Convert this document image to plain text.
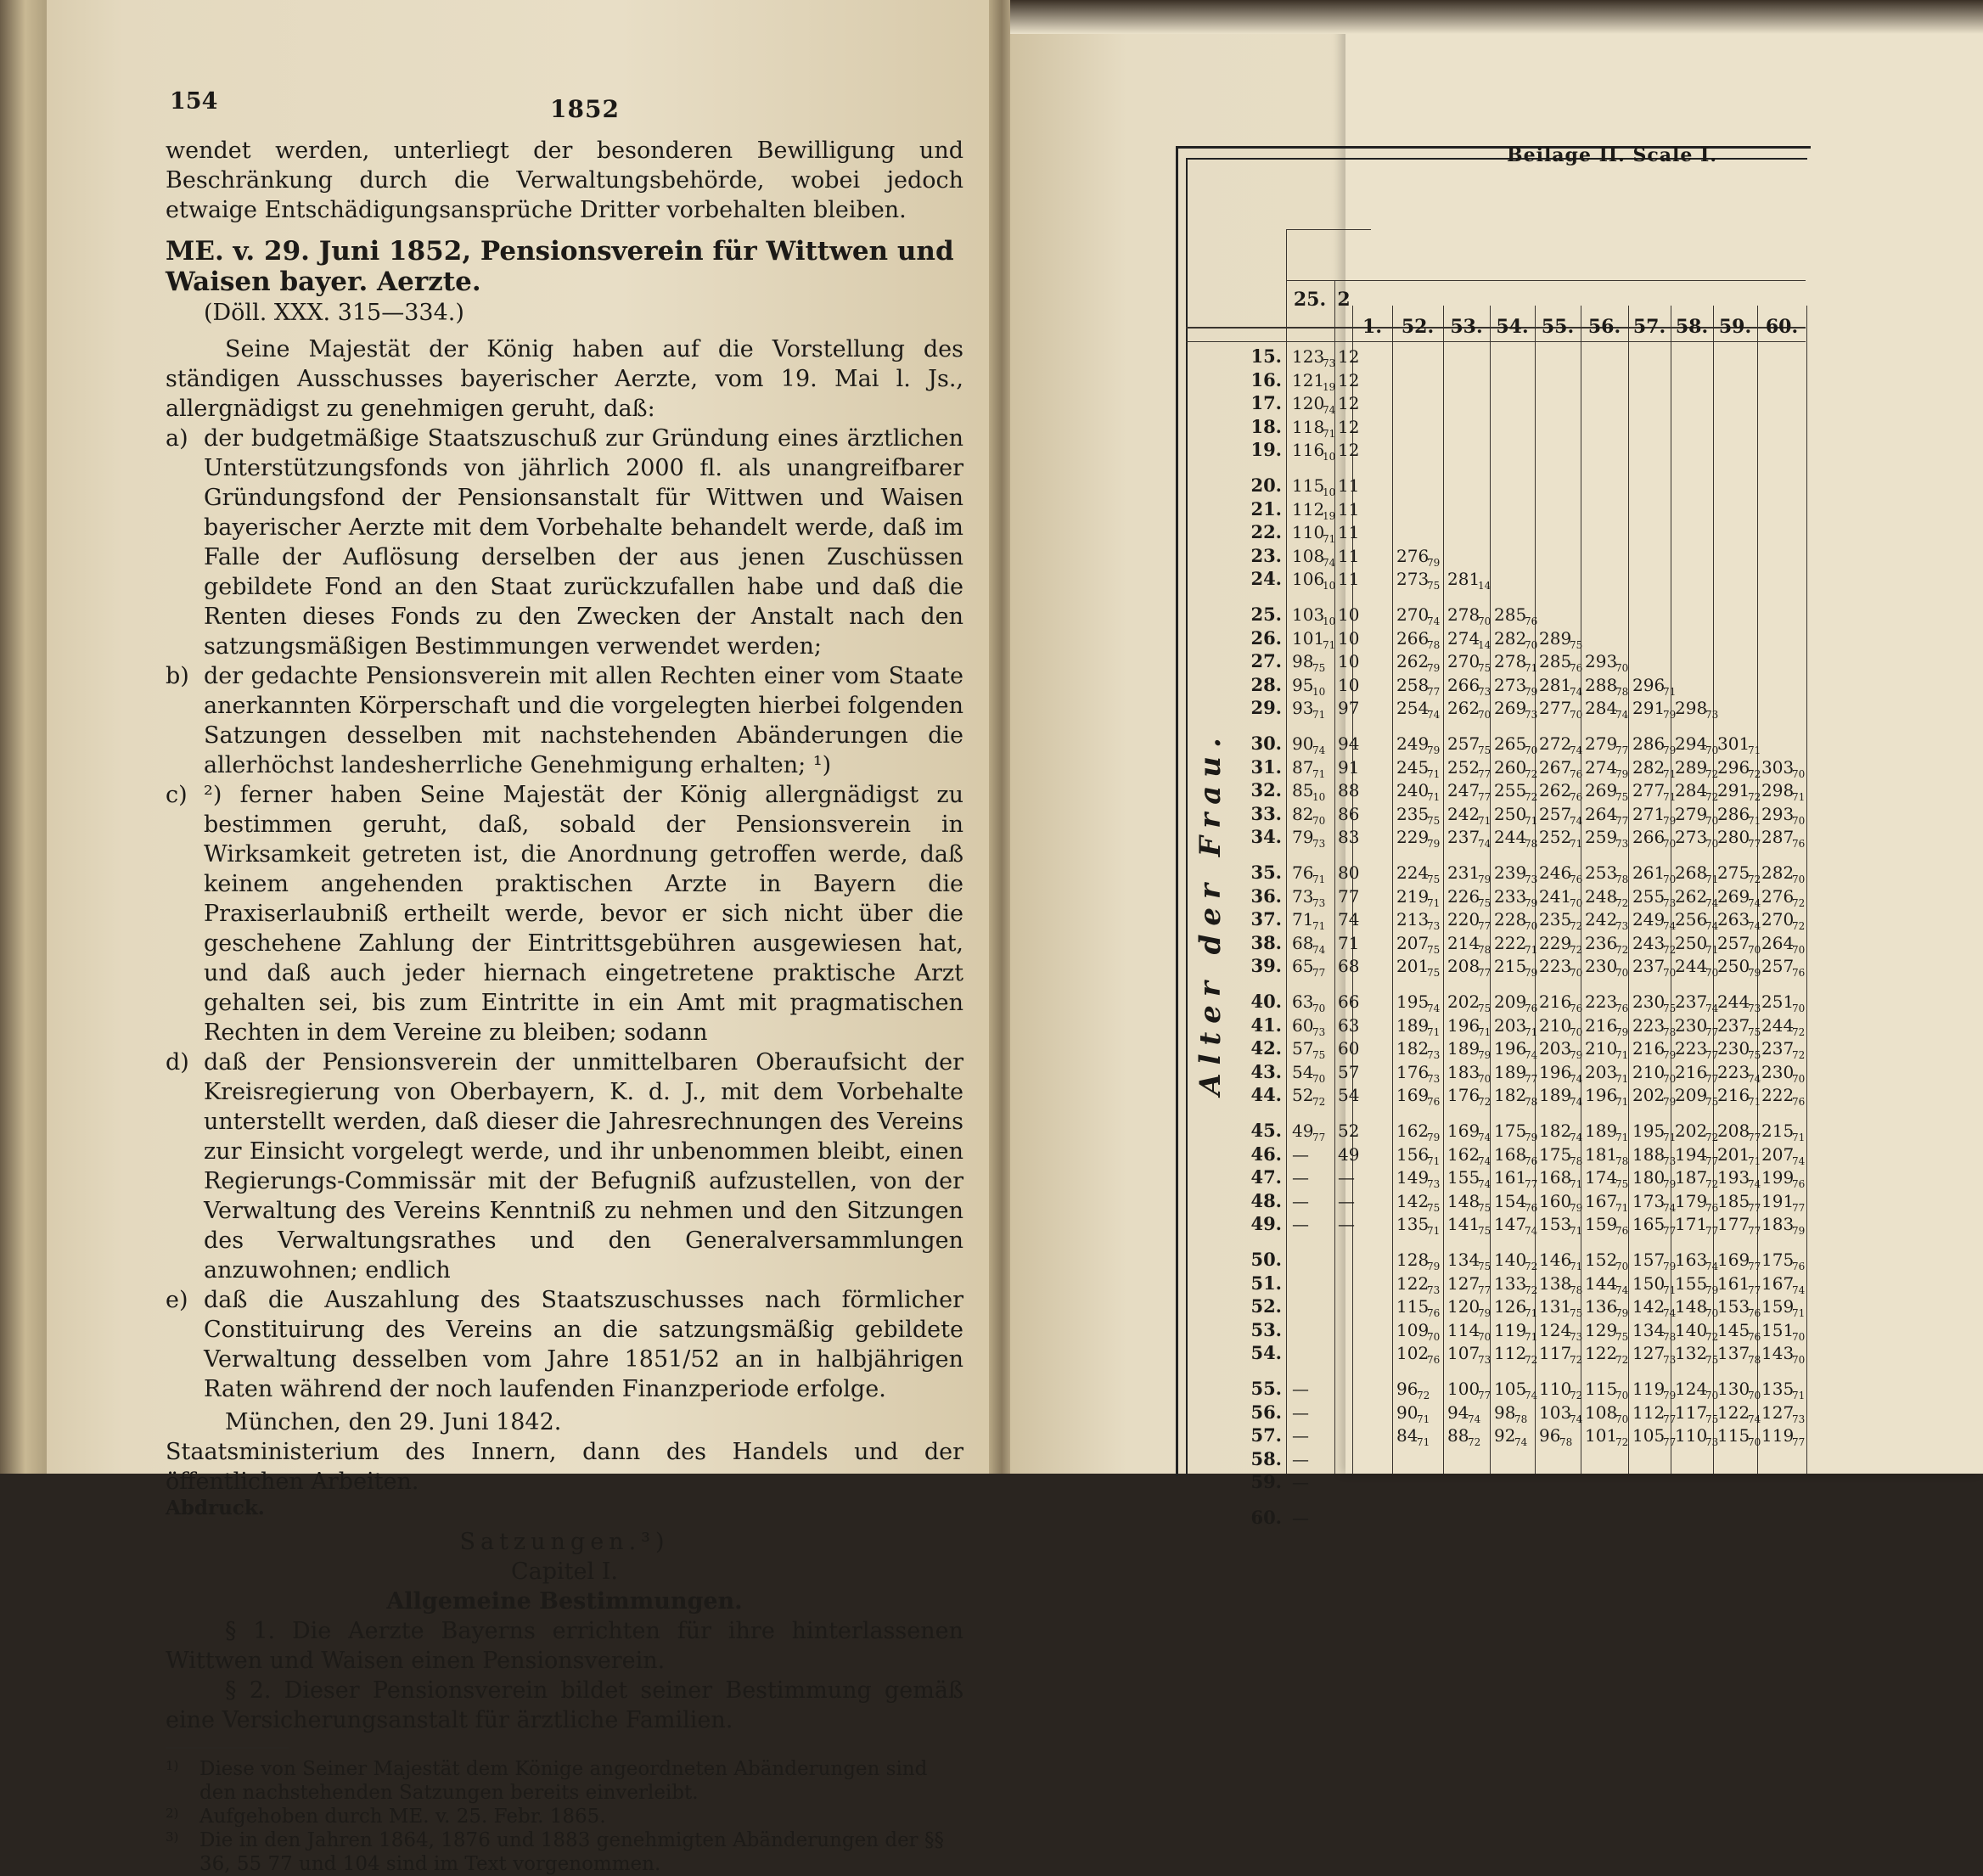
154	1852

wendet werden, unterliegt der besonderen Bewilligung und Beschränkung durch die Verwaltungsbehörde, wobei jedoch etwaige Entschädigungsansprüche Dritter vorbehalten bleiben.

ME. v. 29. Juni 1852, Pensionsverein für Wittwen und Waisen bayer. Aerzte.
(Döll. XXX. 315—334.)

Seine Majestät der König haben auf die Vorstellung des ständigen Ausschusses bayerischer Aerzte, vom 19. Mai l. Js., allergnädigst zu genehmigen geruht, daß:

a) der budgetmäßige Staatszuschuß zur Gründung eines ärztlichen Unterstützungsfonds von jährlich 2000 fl. als unangreifbarer Gründungsfond der Pensionsanstalt für Wittwen und Waisen bayerischer Aerzte mit dem Vorbehalte behandelt werde, daß im Falle der Auflösung derselben der aus jenen Zuschüssen gebildete Fond an den Staat zurückzufallen habe und daß die Renten dieses Fonds zu den Zwecken der Anstalt nach den satzungsmäßigen Bestimmungen verwendet werden;
b) der gedachte Pensionsverein mit allen Rechten einer vom Staate anerkannten Körperschaft und die vorgelegten hierbei folgenden Satzungen desselben mit nachstehenden Abänderungen die allerhöchst landesherrliche Genehmigung erhalten; ¹)
c) ²) ferner haben Seine Majestät der König allergnädigst zu bestimmen geruht, daß, sobald der Pensionsverein in Wirksamkeit getreten ist, die Anordnung getroffen werde, daß keinem angehenden praktischen Arzte in Bayern die Praxiserlaubniß ertheilt werde, bevor er sich nicht über die geschehene Zahlung der Eintrittsgebühren ausgewiesen hat, und daß auch jeder hiernach eingetretene praktische Arzt gehalten sei, bis zum Eintritte in ein Amt mit pragmatischen Rechten in dem Vereine zu bleiben; sodann
d) daß der Pensionsverein der unmittelbaren Oberaufsicht der Kreisregierung von Oberbayern, K. d. J., mit dem Vorbehalte unterstellt werden, daß dieser die Jahresrechnungen des Vereins zur Einsicht vorgelegt werde, und ihr unbenommen bleibt, einen Regierungs-Commissär mit der Befugniß aufzustellen, von der Verwaltung des Vereins Kenntniß zu nehmen und den Sitzungen des Verwaltungsrathes und den Generalversammlungen anzuwohnen; endlich
e) daß die Auszahlung des Staatszuschusses nach förmlicher Constituirung des Vereins an die satzungsmäßig gebildete Verwaltung desselben vom Jahre 1851/52 an in halbjährigen Raten während der noch laufenden Finanzperiode erfolge.

München, den 29. Juni 1842.

Staatsministerium des Innern, dann des Handels und der öffentlichen Arbeiten.

Abdruck.

Satzungen.³)

Capitel I.

Allgemeine Bestimmungen.

§ 1. Die Aerzte Bayerns errichten für ihre hinterlassenen Wittwen und Waisen einen Pensionsverein.

§ 2. Dieser Pensionsverein bildet seiner Bestimmung gemäß eine Versicherungsanstalt für ärztliche Familien.

1) Diese von Seiner Majestät dem Könige angeordneten Abänderungen sind den nachstehenden Satzungen bereits einverleibt.
2) Aufgehoben durch ME. v. 25. Febr. 1865.
3) Die in den Jahren 1864, 1876 und 1883 genehmigten Abänderungen der §§ 36, 55 77 und 104 sind im Text vorgenommen.
Beilage II. Scale I.
Alter der Frau.
25. 2
1.	52. 53. 54. 55. 56. 57. 58. 59. 60.
15. 123
73 12
16. 121
19 12
17. 120
74 12
18. 118
71 12
19. 116
10 12
20. 115
10 11
21. 112
19 11
22. 110
71 11
23. 108
74 11
24. 106
10 11
25. 103
10 10
26. 101
71 10
27. 98
75 10
28. 95
10 10
29. 93
71 97
30. 90
74 94
31. 87
71 91
32. 85
10 88
33. 82
70 86
34. 79
73 83
35. 76
71 80
36. 73
73 77
37. 71
71 74
38. 68
74 71
39. 65
77 68
40. 63
70 66
41. 60
73 63
42. 57
75 60
43. 54
70 57
44. 52
72 54
45. 49
77 52
46. — 49
47. — —
48. — —
49. — —
50.
51.
52.
53.
54.
55. —
56. —
57. —
58. —
59. —
60. —
276
79
273
75 281
14
270
74 278
70 285
76
266
78 274
14 282
70 289
75
262
79 270
75 278
71 285
76 293
70
258
77 266
73 273
79 281
74 288
78 296
71
254
74 262
70 269
73 277
70 284
74 291
79
298
73
249
79 257
75 265
70 272
74 279
77 286
79
294
70
301
71
245
71 252
77 260
72 267
76 274
79 282
71
289
72
296
72 303
70
240
71 247
77 255
72 262
76 269
75 277
71
284
72
291
72 298
71
235
75 242
71 250
71 257
74 264
77 271
79
279
70
286
71 293
70
229
79 237
74 244
78 252
71 259
73 266
70
273
70
280
77 287
76
224
75 231
79 239
73 246
76 253
78 261
70
268
71
275
72 282
70
219
71 226
75 233
79 241
70 248
72 255
73
262
74
269
74 276
72
213
73 220
77 228
70 235
72 242
73 249
74
256
74
263
74 270
72
207
75 214
78 222
71 229
72 236
72 243
72
250
71
257
70 264
70
201
75 208
77 215
79 223
70 230
70 237
70
244
70
250
79 257
76
195
74 202
75 209
76 216
76 223
76 230
75
237
74
244
73 251
70
189
71 196
71 203
71 210
70 216
79 223
78
230
77
237
75 244
72
182
73 189
79 196
74 203
79 210
71 216
79
223
77
230
75 237
72
176
73 183
70 189
77 196
74 203
71 210
70
216
77
223
74 230
70
169
76 176
72 182
78 189
74 196
71 202
79
209
75
216
71 222
76
162
79 169
74 175
79 182
74 189
71 195
71
202
72
208
77 215
71
156
71 162
74 168
76 175
78 181
78 188
73
194
77
201
71 207
74
149
73 155
74 161
77 168
71 174
75 180
79
187
72
193
74 199
76
142
75 148
75 154
76 160
79 167
71 173
74
179
76
185
77 191
77
135
71 141
75 147
74 153
71 159
76 165
77
171
77
177
77 183
79
128
79 134
75 140
72 146
71 152
70 157
79
163
74
169
77 175
76
122
73 127
77 133
72 138
78 144
74 150
71
155
79
161
77 167
74
115
76 120
79 126
71 131
75 136
79 142
74
148
70
153
76 159
71
109
70 114
70 119
71 124
73 129
75 134
78
140
72
145
76 151
70
102
76 107
73 112
72 117
72 122
72 127
73
132
75
137
78 143
70
96
72 100
77 105
74 110
72 115
70 119
79
124
70
130
70 135
71
90
71 94
74 98
78 103
74 108
70 112
77
117
75
122
74 127
73
84
71 88
72 92
74 96
78 101
72 105
77
110
73
115
70 119
77
